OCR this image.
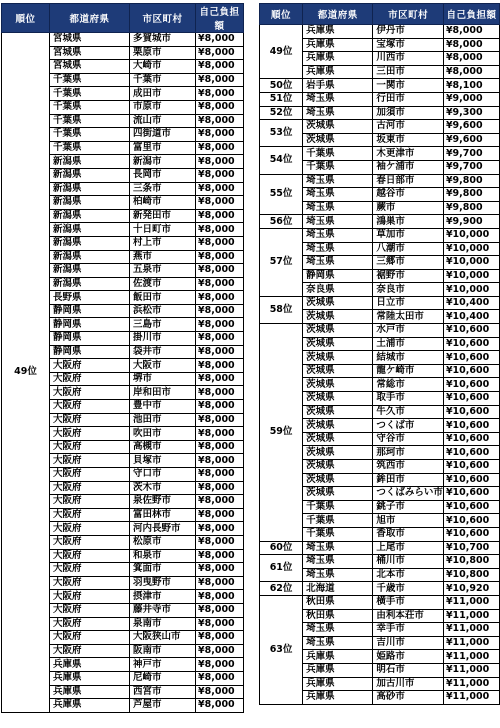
順位	都道府県	市区町村	自己負担額
49位	宮城県	多賀城市	¥8,000
	宮城県	栗原市	¥8,000
	宮城県	大崎市	¥8,000
	千葉県	千葉市	¥8,000
	千葉県	成田市	¥8,000
	千葉県	市原市	¥8,000
	千葉県	流山市	¥8,000
	千葉県	四街道市	¥8,000
	千葉県	富里市	¥8,000
	新潟県	新潟市	¥8,000
	新潟県	長岡市	¥8,000
	新潟県	三条市	¥8,000
	新潟県	柏崎市	¥8,000
	新潟県	新発田市	¥8,000
	新潟県	十日町市	¥8,000
	新潟県	村上市	¥8,000
	新潟県	燕市	¥8,000
	新潟県	五泉市	¥8,000
	新潟県	佐渡市	¥8,000
	長野県	飯田市	¥8,000
	静岡県	浜松市	¥8,000
	静岡県	三島市	¥8,000
	静岡県	掛川市	¥8,000
	静岡県	袋井市	¥8,000
	大阪府	大阪市	¥8,000
	大阪府	堺市	¥8,000
	大阪府	岸和田市	¥8,000
	大阪府	豊中市	¥8,000
	大阪府	池田市	¥8,000
	大阪府	吹田市	¥8,000
	大阪府	高槻市	¥8,000
	大阪府	貝塚市	¥8,000
	大阪府	守口市	¥8,000
	大阪府	茨木市	¥8,000
	大阪府	泉佐野市	¥8,000
	大阪府	富田林市	¥8,000
	大阪府	河内長野市	¥8,000
	大阪府	松原市	¥8,000
	大阪府	和泉市	¥8,000
	大阪府	箕面市	¥8,000
	大阪府	羽曳野市	¥8,000
	大阪府	摂津市	¥8,000
	大阪府	藤井寺市	¥8,000
	大阪府	泉南市	¥8,000
	大阪府	大阪狭山市	¥8,000
	大阪府	阪南市	¥8,000
	兵庫県	神戸市	¥8,000
	兵庫県	尼崎市	¥8,000
	兵庫県	西宮市	¥8,000
	兵庫県	芦屋市	¥8,000
順位	都道府県	市区町村	自己負担額
49位	兵庫県	伊丹市	¥8,000
	兵庫県	宝塚市	¥8,000
	兵庫県	川西市	¥8,000
	兵庫県	三田市	¥8,000
50位	岩手県	一関市	¥8,100
51位	埼玉県	行田市	¥9,000
52位	埼玉県	加須市	¥9,300
53位	茨城県	古河市	¥9,600
	茨城県	坂東市	¥9,600
54位	千葉県	木更津市	¥9,700
	千葉県	袖ケ浦市	¥9,700
55位	埼玉県	春日部市	¥9,800
	埼玉県	越谷市	¥9,800
	埼玉県	蕨市	¥9,800
56位	埼玉県	鴻巣市	¥9,900
57位	埼玉県	草加市	¥10,000
	埼玉県	八潮市	¥10,000
	埼玉県	三郷市	¥10,000
	静岡県	裾野市	¥10,000
	奈良県	奈良市	¥10,000
58位	茨城県	日立市	¥10,400
	茨城県	常陸太田市	¥10,400
59位	茨城県	水戸市	¥10,600
	茨城県	土浦市	¥10,600
	茨城県	結城市	¥10,600
	茨城県	龍ケ崎市	¥10,600
	茨城県	常総市	¥10,600
	茨城県	取手市	¥10,600
	茨城県	牛久市	¥10,600
	茨城県	つくば市	¥10,600
	茨城県	守谷市	¥10,600
	茨城県	那珂市	¥10,600
	茨城県	筑西市	¥10,600
	茨城県	鉾田市	¥10,600
	茨城県	つくばみらい市	¥10,600
	千葉県	銚子市	¥10,600
	千葉県	旭市	¥10,600
	千葉県	香取市	¥10,600
60位	埼玉県	上尾市	¥10,700
61位	埼玉県	桶川市	¥10,800
	埼玉県	北本市	¥10,800
62位	北海道	千歳市	¥10,920
63位	秋田県	横手市	¥11,000
	秋田県	由利本荘市	¥11,000
	埼玉県	幸手市	¥11,000
	埼玉県	吉川市	¥11,000
	兵庫県	姫路市	¥11,000
	兵庫県	明石市	¥11,000
	兵庫県	加古川市	¥11,000
	兵庫県	高砂市	¥11,000
